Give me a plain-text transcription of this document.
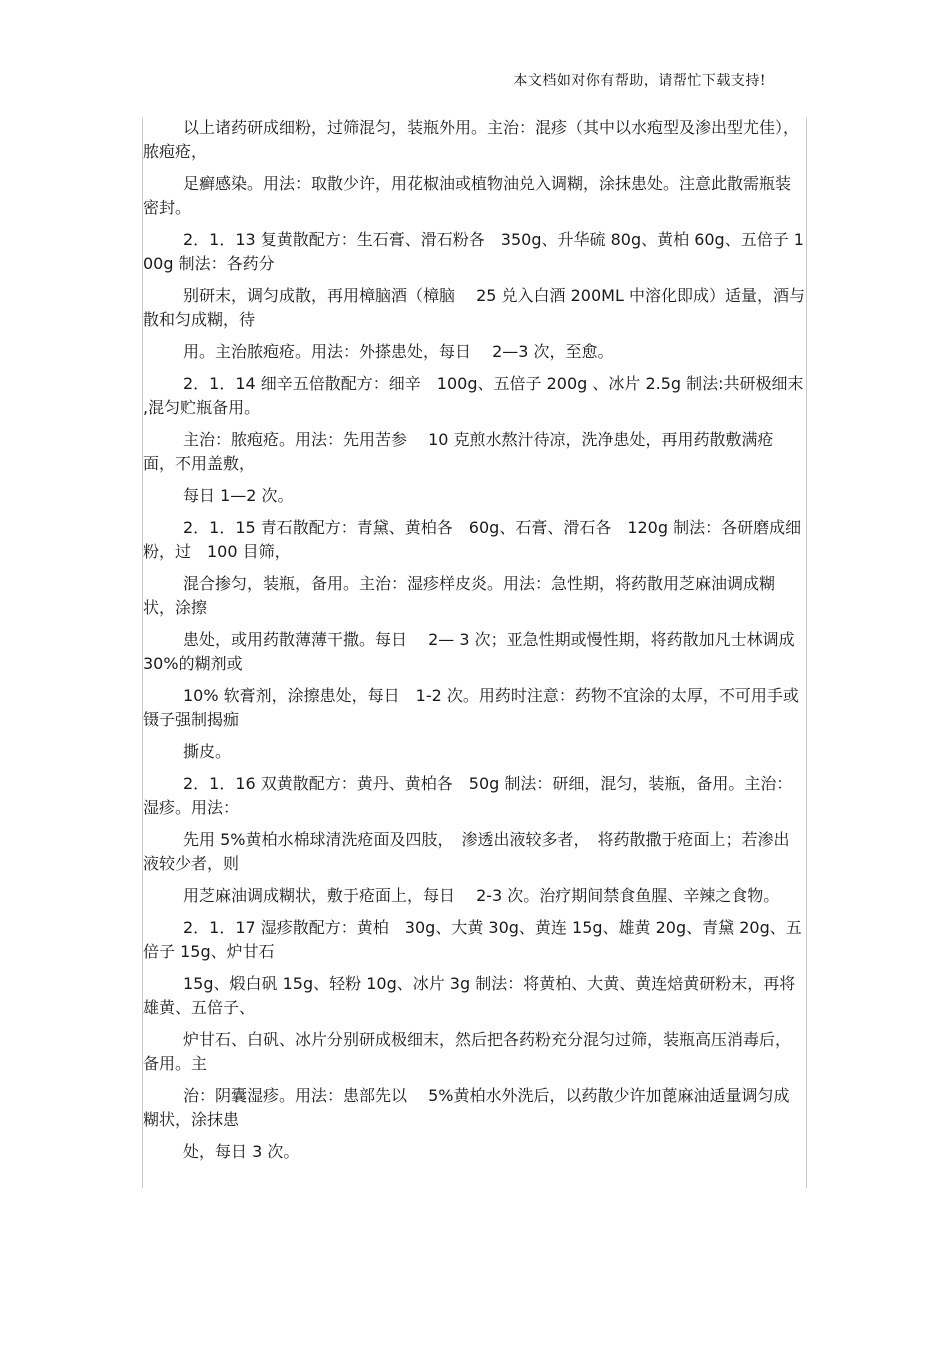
本文档如对你有帮助，请帮忙下载支持!

以上诸药研成细粉，过筛混匀，装瓶外用。主治：混疹（其中以水疱型及渗出型尤佳），脓疱疮，

足癣感染。用法：取散少许，用花椒油或植物油兑入调糊，涂抹患处。注意此散需瓶装密封。

2．1．13 复黄散配方：生石膏、滑石粉各　350g、升华硫 80g、黄柏 60g、五倍子 100g 制法：各药分

别研末，调匀成散，再用樟脑酒（樟脑　 25 兑入白酒 200ML 中溶化即成）适量，酒与散和匀成糊，待

用。主治脓疱疮。用法：外搽患处，每日　 2—3 次，至愈。

2．1．14 细辛五倍散配方：细辛　100g、五倍子 200g 、冰片 2.5g 制法:共研极细末 ,混匀贮瓶备用。

主治：脓疱疮。用法：先用苦参　 10 克煎水熬汁待凉，洗净患处，再用药散敷满疮面，不用盖敷，

每日 1—2 次。

2．1．15 青石散配方：青黛、黄柏各　60g、石膏、滑石各　120g 制法：各研磨成细粉，过　100 目筛，

混合掺匀，装瓶，备用。主治：湿疹样皮炎。用法：急性期，将药散用芝麻油调成糊状，涂擦

患处，或用药散薄薄干撒。每日　 2— 3 次；亚急性期或慢性期，将药散加凡士林调成 30%的糊剂或

10% 软膏剂，涂擦患处，每日　1-2 次。用药时注意：药物不宜涂的太厚，不可用手或镊子强制揭痂

撕皮。

2．1．16 双黄散配方：黄丹、黄柏各　50g 制法：研细，混匀，装瓶，备用。主治：湿疹。用法：

先用 5%黄柏水棉球清洗疮面及四肢，　渗透出液较多者，　将药散撒于疮面上；若渗出液较少者，则

用芝麻油调成糊状，敷于疮面上，每日　 2-3 次。治疗期间禁食鱼腥、辛辣之食物。

2．1．17 湿疹散配方：黄柏　30g、大黄 30g、黄连 15g、雄黄 20g、青黛 20g、五倍子 15g、炉甘石

15g、煅白矾 15g、轻粉 10g、冰片 3g 制法：将黄柏、大黄、黄连焙黄研粉末，再将雄黄、五倍子、

炉甘石、白矾、冰片分别研成极细末，然后把各药粉充分混匀过筛，装瓶高压消毒后，备用。主

治：阴囊湿疹。用法：患部先以　 5%黄柏水外洗后，以药散少许加蓖麻油适量调匀成糊状，涂抹患

处，每日 3 次。
